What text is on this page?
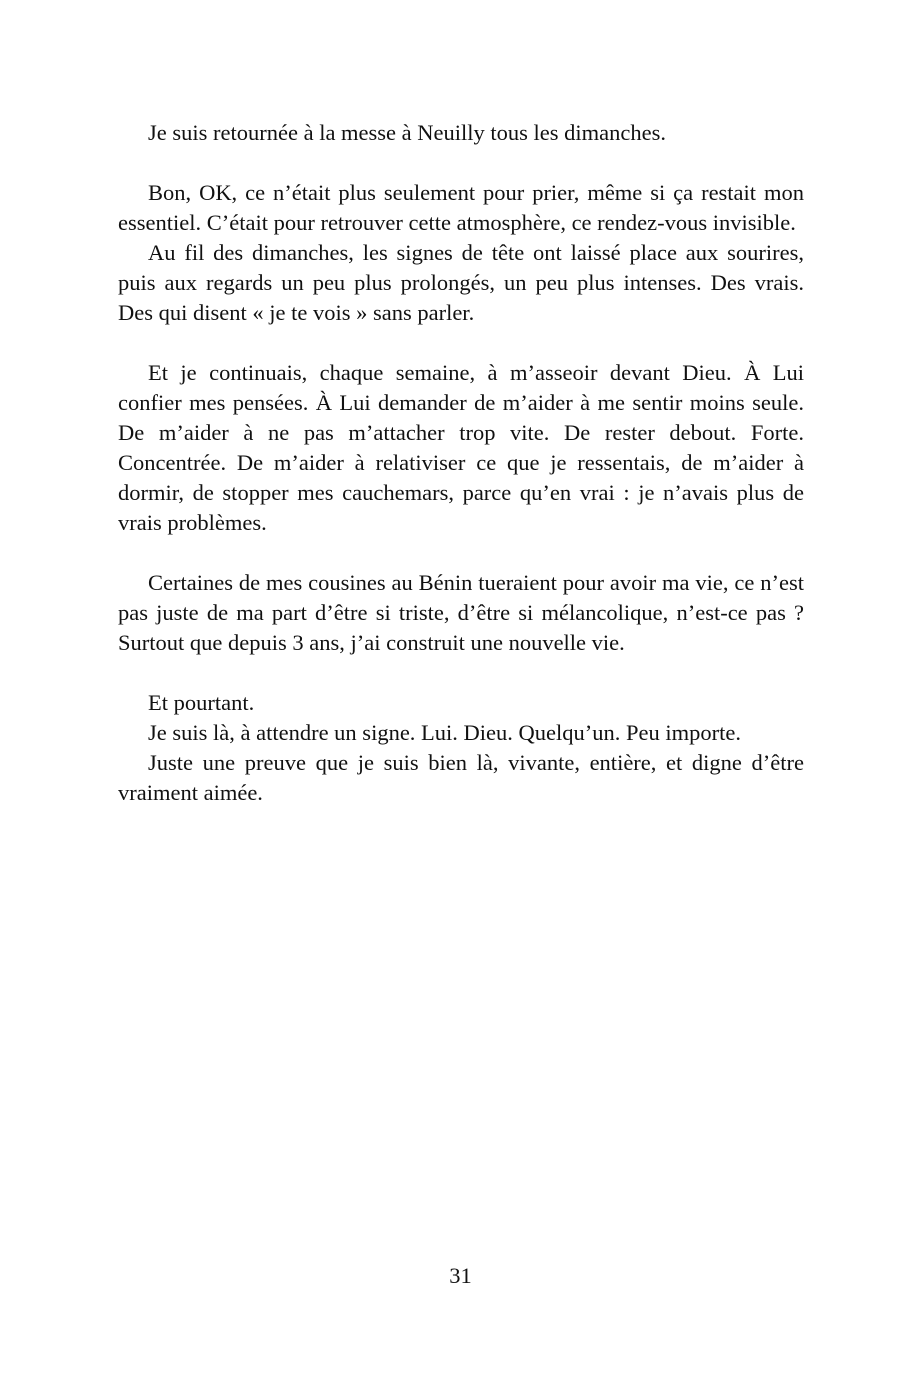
Je suis retournée à la messe à Neuilly tous les dimanches.

Bon, OK, ce n’était plus seulement pour prier, même si ça restait mon essentiel. C’était pour retrouver cette atmosphère, ce rendez-vous invisible.

Au fil des dimanches, les signes de tête ont laissé place aux sourires, puis aux regards un peu plus prolongés, un peu plus intenses. Des vrais. Des qui disent « je te vois » sans parler.

Et je continuais, chaque semaine, à m’asseoir devant Dieu. À Lui confier mes pensées. À Lui demander de m’aider à me sentir moins seule. De m’aider à ne pas m’attacher trop vite. De rester debout. Forte. Concentrée. De m’aider à relativiser ce que je ressentais, de m’aider à dormir, de stopper mes cauchemars, parce qu’en vrai : je n’avais plus de vrais problèmes.

Certaines de mes cousines au Bénin tueraient pour avoir ma vie, ce n’est pas juste de ma part d’être si triste, d’être si mélancolique, n’est-ce pas ? Surtout que depuis 3 ans, j’ai construit une nouvelle vie.

Et pourtant.

Je suis là, à attendre un signe. Lui. Dieu. Quelqu’un. Peu importe.

Juste une preuve que je suis bien là, vivante, entière, et digne d’être vraiment aimée.

31
